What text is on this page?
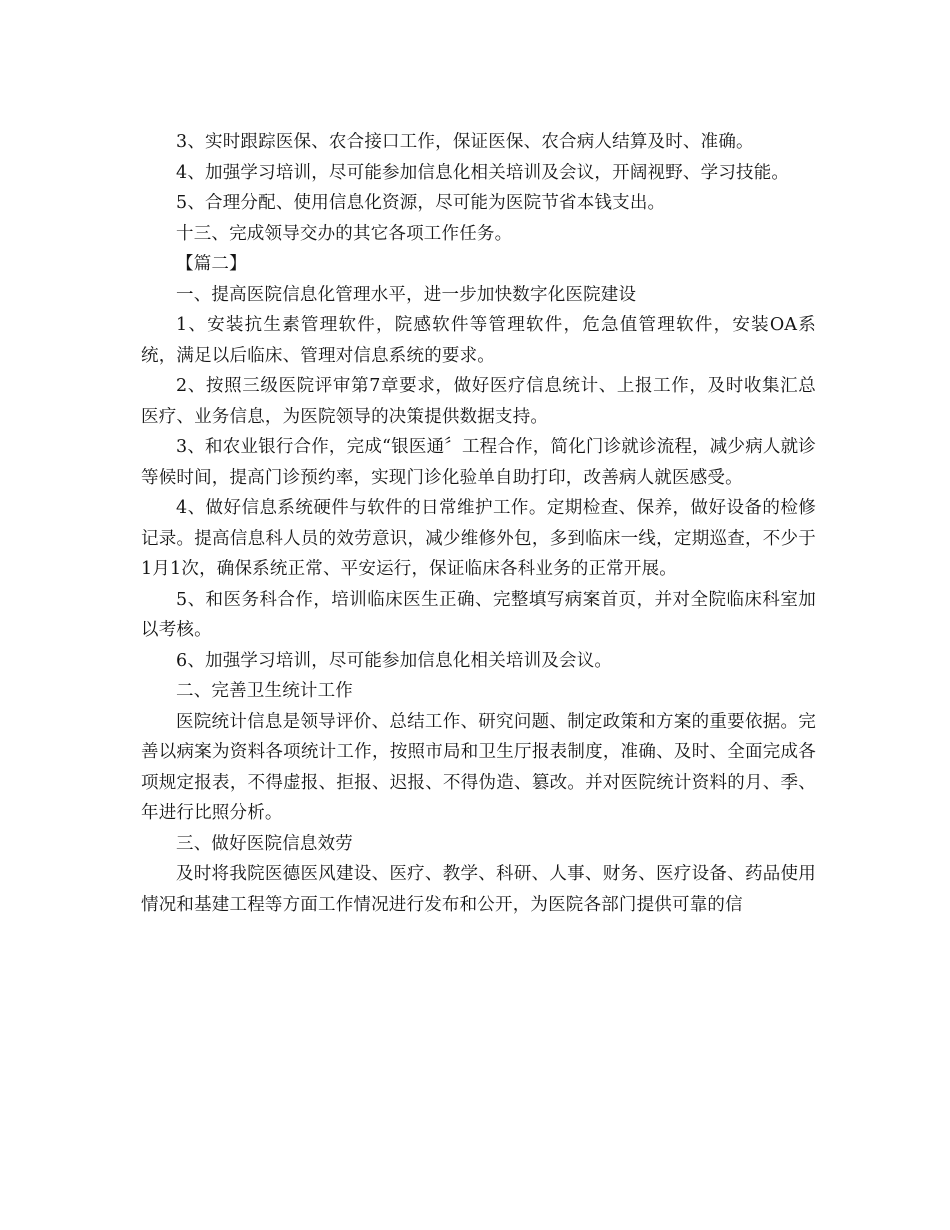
3、实时跟踪医保、农合接口工作，保证医保、农合病人结算及时、准确。

4、加强学习培训，尽可能参加信息化相关培训及会议，开阔视野、学习技能。

5、合理分配、使用信息化资源，尽可能为医院节省本钱支出。

十三、完成领导交办的其它各项工作任务。

【篇二】

一、提高医院信息化管理水平，进一步加快数字化医院建设

1、安装抗生素管理软件，院感软件等管理软件，危急值管理软件，安装OA系统，满足以后临床、管理对信息系统的要求。

2、按照三级医院评审第7章要求，做好医疗信息统计、上报工作，及时收集汇总医疗、业务信息，为医院领导的决策提供数据支持。

3、和农业银行合作，完成“银医通〞工程合作，简化门诊就诊流程，减少病人就诊等候时间，提高门诊预约率，实现门诊化验单自助打印，改善病人就医感受。

4、做好信息系统硬件与软件的日常维护工作。定期检查、保养，做好设备的检修记录。提高信息科人员的效劳意识，减少维修外包，多到临床一线，定期巡查，不少于1月1次，确保系统正常、平安运行，保证临床各科业务的正常开展。

5、和医务科合作，培训临床医生正确、完整填写病案首页，并对全院临床科室加以考核。

6、加强学习培训，尽可能参加信息化相关培训及会议。

二、完善卫生统计工作

医院统计信息是领导评价、总结工作、研究问题、制定政策和方案的重要依据。完善以病案为资料各项统计工作，按照市局和卫生厅报表制度，准确、及时、全面完成各项规定报表，不得虚报、拒报、迟报、不得伪造、篡改。并对医院统计资料的月、季、年进行比照分析。

三、做好医院信息效劳

及时将我院医德医风建设、医疗、教学、科研、人事、财务、医疗设备、药品使用情况和基建工程等方面工作情况进行发布和公开，为医院各部门提供可靠的信
